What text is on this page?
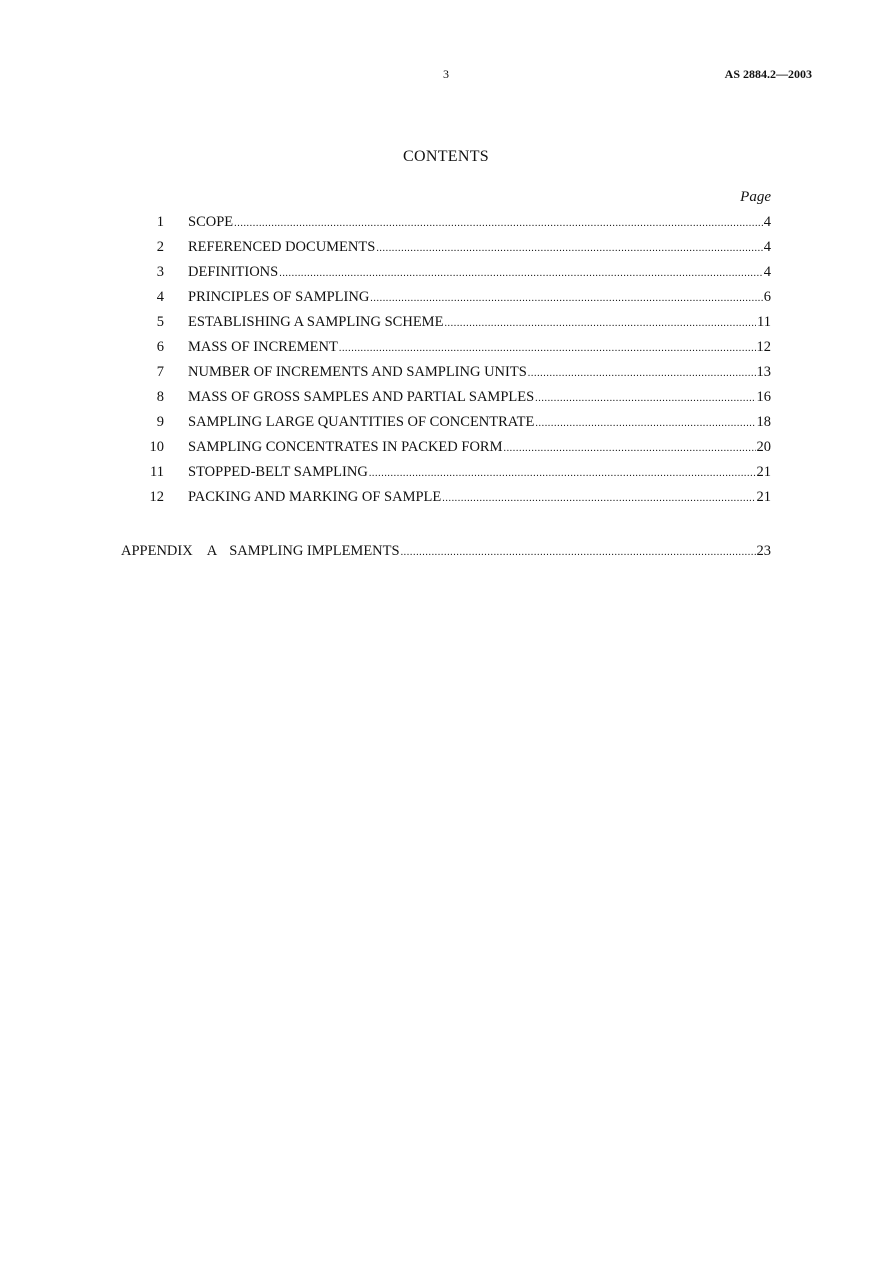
3	AS 2884.2—2003
CONTENTS
Page
1 SCOPE .....	4
2 REFERENCED DOCUMENTS .....	4
3 DEFINITIONS .....	4
4 PRINCIPLES OF SAMPLING .....	6
5 ESTABLISHING A SAMPLING SCHEME .....	11
6 MASS OF INCREMENT .....	12
7 NUMBER OF INCREMENTS AND SAMPLING UNITS .....	13
8 MASS OF GROSS SAMPLES AND PARTIAL SAMPLES .....	16
9 SAMPLING LARGE QUANTITIES OF CONCENTRATE .....	18
10 SAMPLING CONCENTRATES IN PACKED FORM .....	20
11 STOPPED-BELT SAMPLING .....	21
12 PACKING AND MARKING OF SAMPLE .....	21
APPENDIX A SAMPLING IMPLEMENTS .....	23
